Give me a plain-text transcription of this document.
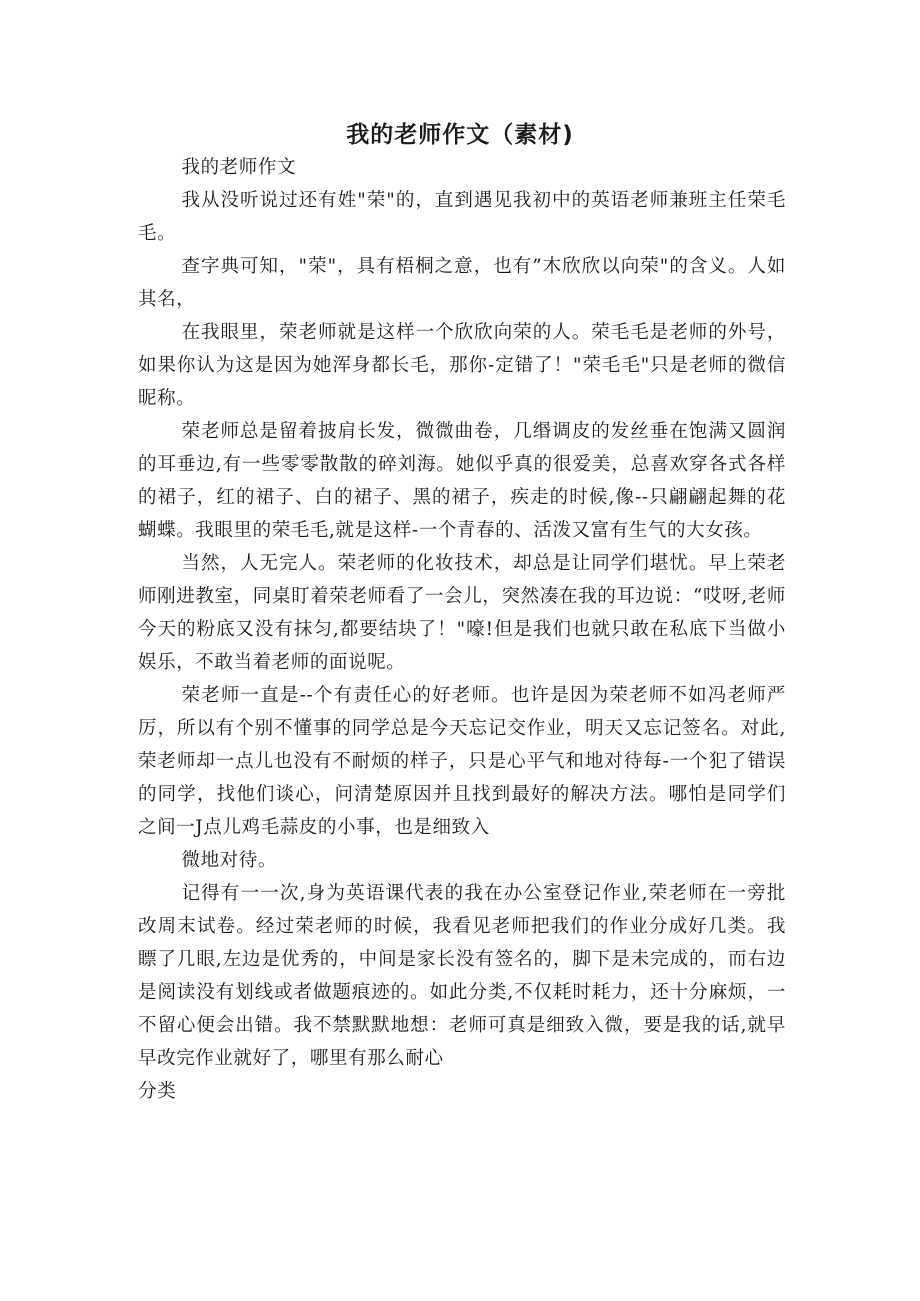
我的老师作文（素材)

我的老师作文

我从没听说过还有姓"荣"的，直到遇见我初中的英语老师兼班主任荣毛毛。

查字典可知，"荣"，具有梧桐之意，也有”木欣欣以向荣"的含义。人如其名，

在我眼里，荣老师就是这样一个欣欣向荣的人。荣毛毛是老师的外号，如果你认为这是因为她浑身都长毛，那你-定错了！"荣毛毛"只是老师的微信昵称。

荣老师总是留着披肩长发，微微曲卷，几缗调皮的发丝垂在饱满又圆润的耳垂边,有一些零零散散的碎刘海。她似乎真的很爱美，总喜欢穿各式各样的裙子，红的裙子、白的裙子、黑的裙子，疾走的时候,像--只翩翩起舞的花蝴蝶。我眼里的荣毛毛,就是这样-一个青春的、活泼又富有生气的大女孩。

当然，人无完人。荣老师的化妆技术，却总是让同学们堪忧。早上荣老师刚进教室，同桌盯着荣老师看了一会儿，突然凑在我的耳边说：“哎呀,老师今天的粉底又没有抹匀,都要结块了！"嚎!但是我们也就只敢在私底下当做小娱乐，不敢当着老师的面说呢。

荣老师一直是--个有责任心的好老师。也许是因为荣老师不如冯老师严厉，所以有个别不懂事的同学总是今天忘记交作业，明天又忘记签名。对此,荣老师却一点儿也没有不耐烦的样子，只是心平气和地对待每-一个犯了错误的同学，找他们谈心，问清楚原因并且找到最好的解决方法。哪怕是同学们之间一J点儿鸡毛蒜皮的小事，也是细致入

微地对待。

记得有一一次,身为英语课代表的我在办公室登记作业,荣老师在一旁批改周末试卷。经过荣老师的时候，我看见老师把我们的作业分成好几类。我瞟了几眼,左边是优秀的，中间是家长没有签名的，脚下是未完成的，而右边是阅读没有划线或者做题痕迹的。如此分类,不仅耗时耗力，还十分麻烦，一不留心便会出错。我不禁默默地想：老师可真是细致入微，要是我的话,就早早改完作业就好了，哪里有那么耐心

分类
